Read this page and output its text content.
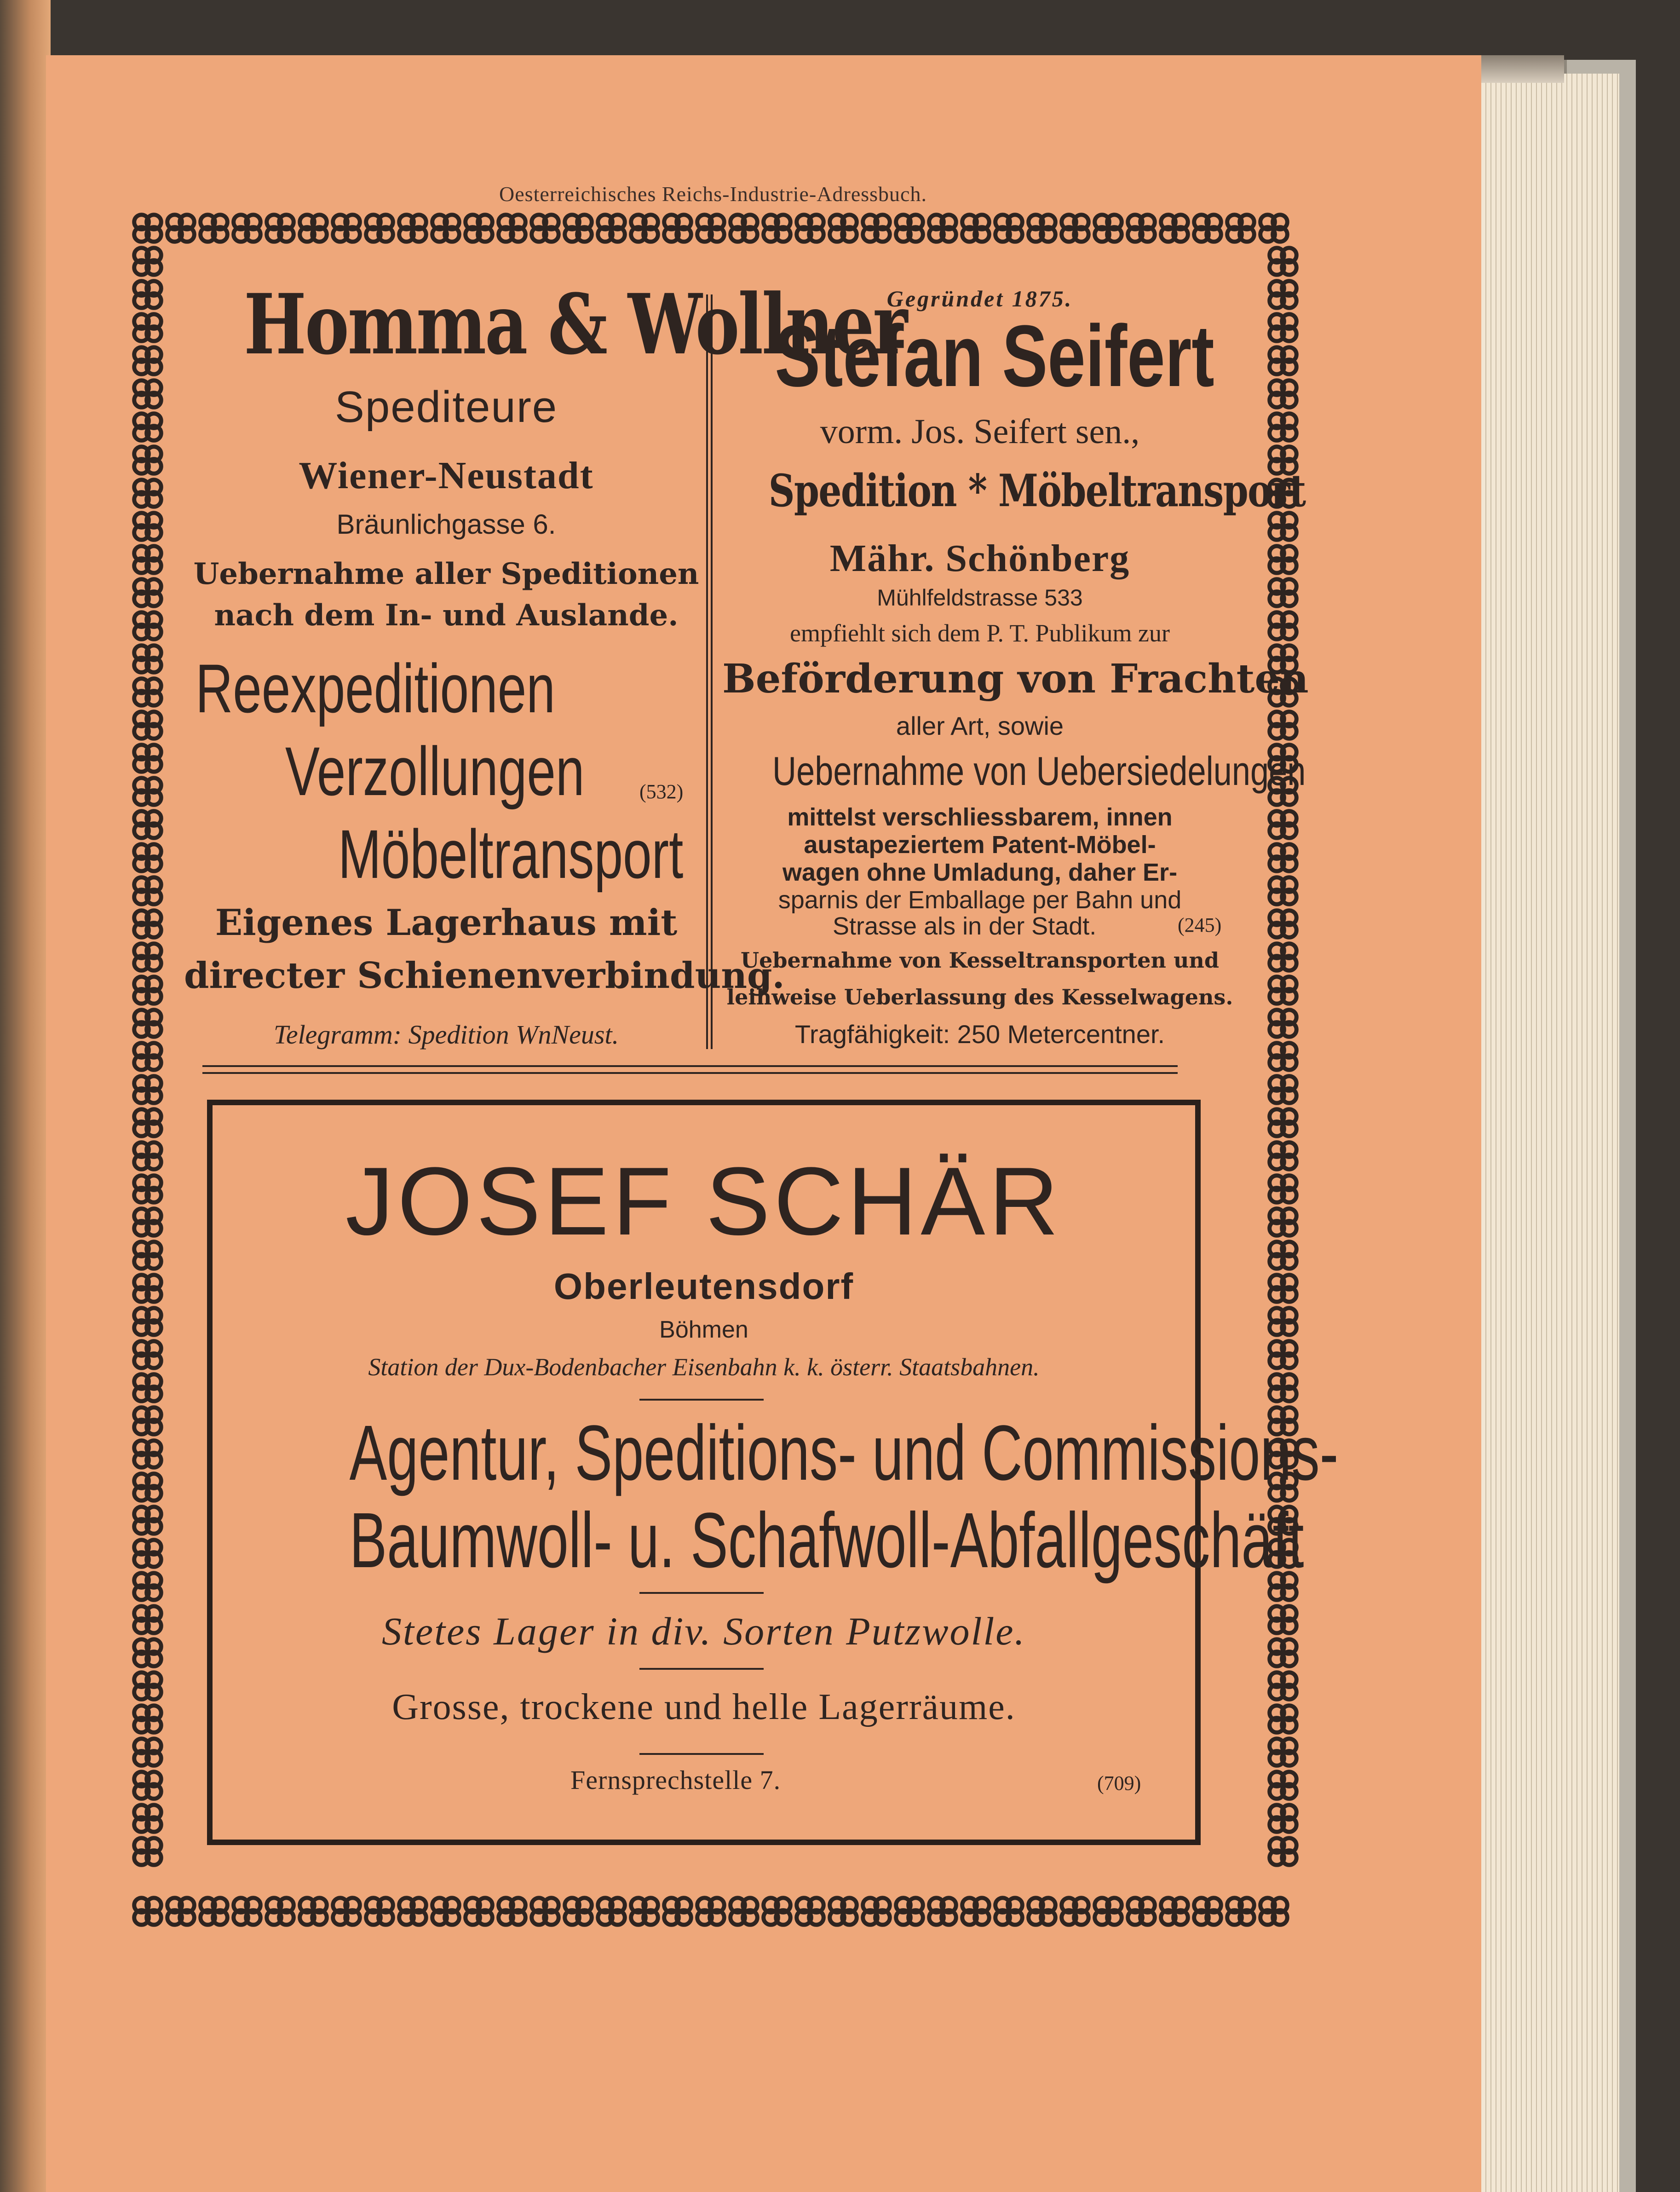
Oesterreichisches Reichs-Industrie-Adressbuch.
Homma & Wollner
Spediteure
Wiener-Neustadt
Bräunlichgasse 6.
Uebernahme aller Speditionen
nach dem In- und Auslande.
Reexpeditionen
Verzollungen	(532)
Möbeltransport
Eigenes Lagerhaus mit
directer Schienenverbindung.
Telegramm: Spedition WnNeust.
Gegründet 1875.
Stefan Seifert
vorm. Jos. Seifert sen.,
Spedition * Möbeltransport
Mähr. Schönberg
Mühlfeldstrasse 533
empfiehlt sich dem P. T. Publikum zur
Beförderung von Frachten
aller Art, sowie
Uebernahme von Uebersiedelungen
mittelst verschliessbarem, innen
austapeziertem Patent-Möbel-
wagen ohne Umladung, daher Er-
sparnis der Emballage per Bahn und
Strasse als in der Stadt.	(245)
Uebernahme von Kesseltransporten und
leihweise Ueberlassung des Kesselwagens.
Tragfähigkeit: 250 Metercentner.
JOSEF SCHÄR
Oberleutensdorf
Böhmen
Station der Dux-Bodenbacher Eisenbahn k. k. österr. Staatsbahnen.
Agentur, Speditions- und Commissions-
Baumwoll- u. Schafwoll-Abfallgeschäft
Stetes Lager in div. Sorten Putzwolle.
Grosse, trockene und helle Lagerräume.
Fernsprechstelle 7.	(709)
